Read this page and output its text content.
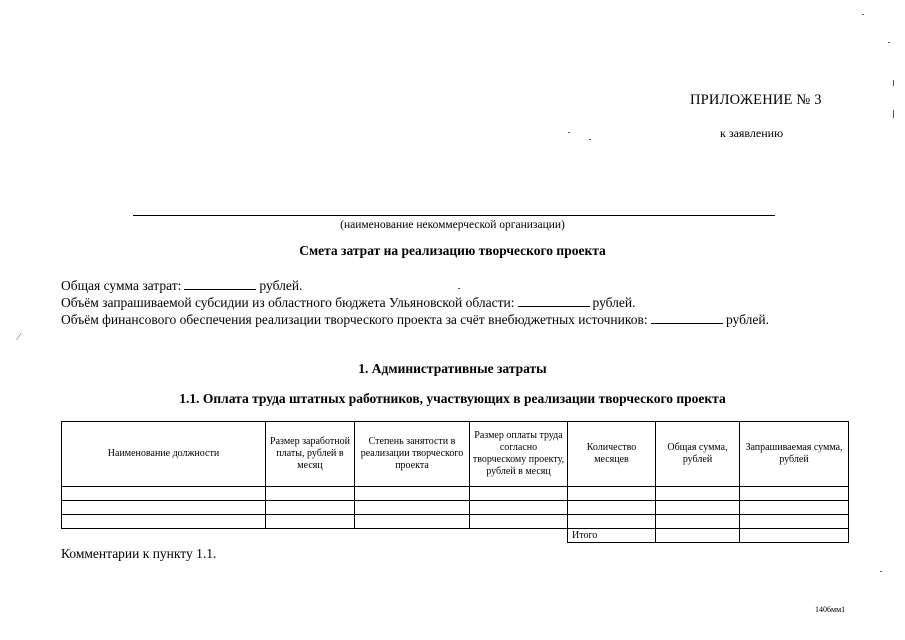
ПРИЛОЖЕНИЕ № 3
к заявлению
(наименование некоммерческой организации)
Смета затрат на реализацию творческого проекта
Общая сумма затрат:	рублей.
Объём запрашиваемой субсидии из областного бюджета Ульяновской области:	рублей.
Объём финансового обеспечения реализации творческого проекта за счёт внебюджетных источников:	рублей.
1. Административные затраты
1.1. Оплата труда штатных работников, участвующих в реализации творческого проекта
Наименование должности	Размер заработной платы, рублей в месяц	Степень занятости в реализации творческого проекта	Размер оплаты труда согласно творческому проекту, рублей в месяц	Количество месяцев	Общая сумма, рублей	Запрашиваемая сумма, рублей

				Итого		
Комментарии к пункту 1.1.
1406мм1
⁄
